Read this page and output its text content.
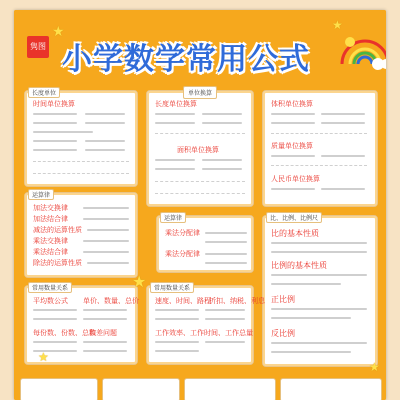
隽图 小学数学常用公式
★	★
长度单位
时间单位换算
单位换算
长度单位换算
面积单位换算
体积单位换算
质量单位换算
人民币单位换算
运算律
加法交换律
加法结合律
减法的运算性质
乘法交换律
乘法结合律
除法的运算性质
运算律
乘法分配律
乘法分配律
比、比例、比例尺
比的基本性质
比例的基本性质
正比例
反比例
常用数量关系
平均数公式 单价、数量、总价
每份数、份数、总数
和差问题
常用数量关系
速度、时间、路程
折扣、纳税、利息
工作效率、工作时间、工作总量
★
★
★
